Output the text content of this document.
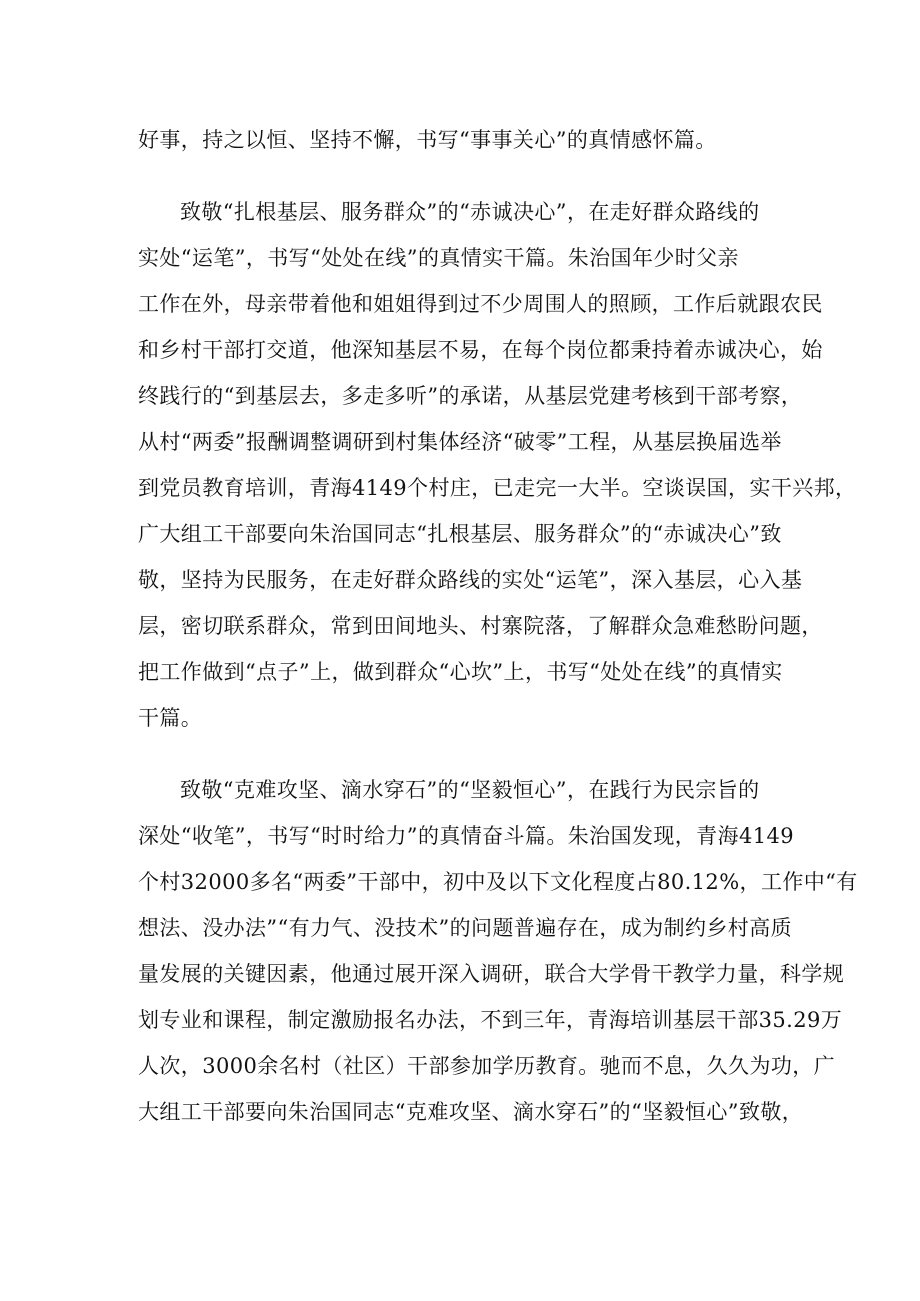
好事，持之以恒、坚持不懈，书写“事事关心”的真情感怀篇。
致敬“扎根基层、服务群众”的“赤诚决心”，在走好群众路线的
实处“运笔”，书写“处处在线”的真情实干篇。朱治国年少时父亲
工作在外，母亲带着他和姐姐得到过不少周围人的照顾，工作后就跟农民
和乡村干部打交道，他深知基层不易，在每个岗位都秉持着赤诚决心，始
终践行的“到基层去，多走多听”的承诺，从基层党建考核到干部考察，
从村“两委”报酬调整调研到村集体经济“破零”工程，从基层换届选举
到党员教育培训，青海4149个村庄，已走完一大半。空谈误国，实干兴邦，
广大组工干部要向朱治国同志“扎根基层、服务群众”的“赤诚决心”致
敬，坚持为民服务，在走好群众路线的实处“运笔”，深入基层，心入基
层，密切联系群众，常到田间地头、村寨院落，了解群众急难愁盼问题，
把工作做到“点子”上，做到群众“心坎”上，书写“处处在线”的真情实
干篇。
致敬“克难攻坚、滴水穿石”的“坚毅恒心”，在践行为民宗旨的
深处“收笔”，书写“时时给力”的真情奋斗篇。朱治国发现，青海4149
个村32000多名“两委”干部中，初中及以下文化程度占80.12%，工作中“有
想法、没办法”“有力气、没技术”的问题普遍存在，成为制约乡村高质
量发展的关键因素，他通过展开深入调研，联合大学骨干教学力量，科学规
划专业和课程，制定激励报名办法，不到三年，青海培训基层干部35.29万
人次，3000余名村（社区）干部参加学历教育。驰而不息，久久为功，广
大组工干部要向朱治国同志“克难攻坚、滴水穿石”的“坚毅恒心”致敬，
